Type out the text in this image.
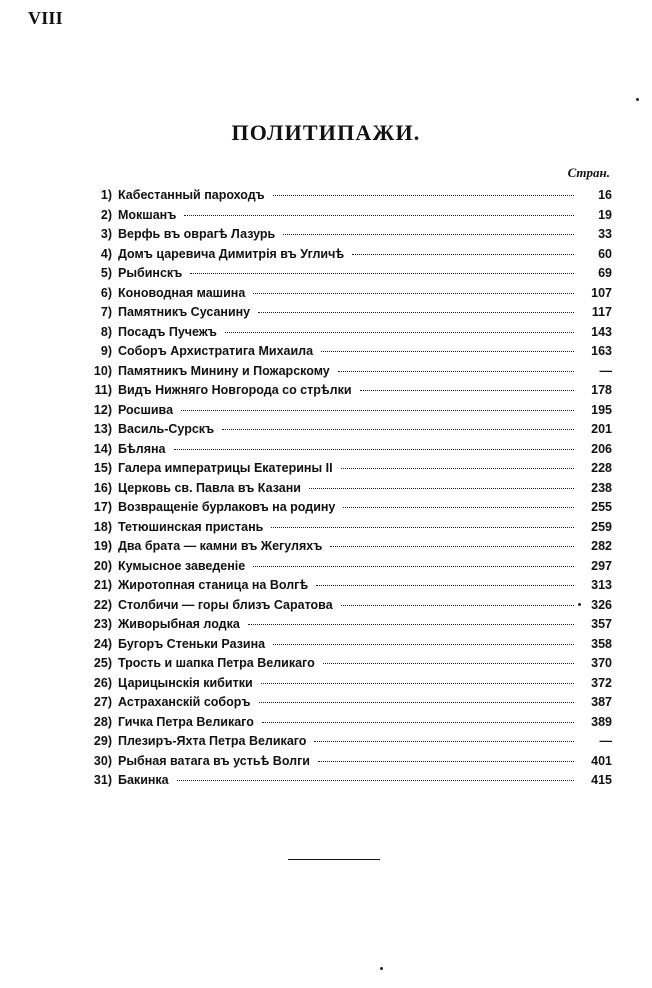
VIII
ПОЛИТИПАЖИ.
Стран.
1) Кабестанный пароходъ	16
2) Мокшанъ	19
3) Верфь въ оврагѣ Лазурь	33
4) Домъ царевича Димитрія въ Угличѣ	60
5) Рыбинскъ	69
6) Коноводная машина	107
7) Памятникъ Сусанину	117
8) Посадъ Пучежъ	143
9) Соборъ Архистратига Михаила	163
10) Памятникъ Минину и Пожарскому	—
11) Видъ Нижняго Новгорода со стрѣлки	178
12) Росшива	195
13) Василь-Сурскъ	201
14) Бѣляна	206
15) Галера императрицы Екатерины II	228
16) Церковь св. Павла въ Казани	238
17) Возвращеніе бурлаковъ на родину	255
18) Тетюшинская пристань	259
19) Два брата — камни въ Жегуляхъ	282
20) Кумысное заведеніе	297
21) Жиротопная станица на Волгѣ	313
22) Столбичи — горы близъ Саратова	326
23) Живорыбная лодка	357
24) Бугоръ Стеньки Разина	358
25) Трость и шапка Петра Великаго	370
26) Царицынскія кибитки	372
27) Астраханскій соборъ	387
28) Гичка Петра Великаго	389
29) Плезиръ-Яхта Петра Великаго	—
30) Рыбная ватага въ устьѣ Волги	401
31) Бакинка	415
